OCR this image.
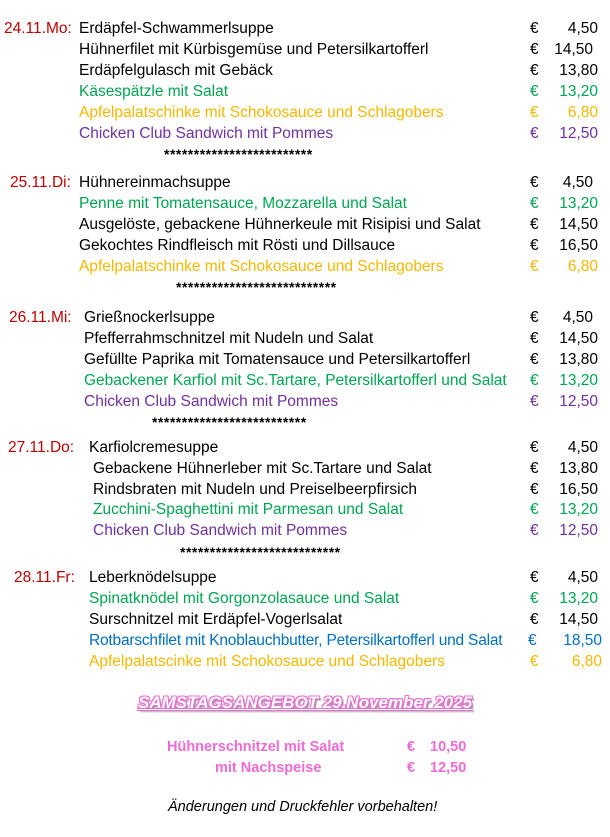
24.11.Mo: Erdäpfel-Schwammerlsuppe	€	4,50
Hühnerfilet mit Kürbisgemüse und Petersilkartofferl	€	14,50
Erdäpfelgulasch mit Gebäck	€	13,80
Käsespätzle mit Salat	€	13,20
Apfelpalatschinke mit Schokosauce und Schlagobers	€	6,80
Chicken Club Sandwich mit Pommes	€	12,50
*************************
25.11.Di: Hühnereinmachsuppe	€	4,50
Penne mit Tomatensauce, Mozzarella und Salat	€	13,20
Ausgelöste, gebackene Hühnerkeule mit Risipisi und Salat	€	14,50
Gekochtes Rindfleisch mit Rösti und Dillsauce	€	16,50
Apfelpalatschinke mit Schokosauce und Schlagobers	€	6,80
***************************
26.11.Mi: Grießnockerlsuppe	€	4,50
Pfefferrahmschnitzel mit Nudeln und Salat	€	14,50
Gefüllte Paprika mit Tomatensauce und Petersilkartofferl	€	13,80
Gebackener Karfiol mit Sc.Tartare, Petersilkartofferl und Salat €	13,20
Chicken Club Sandwich mit Pommes	€	12,50
**************************
27.11.Do: Karfiolcremesuppe	€	4,50
Gebackene Hühnerleber mit Sc.Tartare und Salat	€	13,80
Rindsbraten mit Nudeln und Preiselbeerpfirsich	€	16,50
Zucchini-Spaghettini mit Parmesan und Salat	€	13,20
Chicken Club Sandwich mit Pommes	€	12,50
***************************
28.11.Fr: Leberknödelsuppe	€	4,50
Spinatknödel mit Gorgonzolasauce und Salat	€	13,20
Surschnitzel mit Erdäpfel-Vogerlsalat	€	14,50
Rotbarschfilet mit Knoblauchbutter, Petersilkartofferl und Salat €	18,50
Apfelpalatscinke mit Schokosauce und Schlagobers	€	6,80
SAMSTAGSANGEBOT 29.November 2025
Hühnerschnitzel mit Salat	€ 10,50
mit Nachspeise	€ 12,50
Änderungen und Druckfehler vorbehalten!
